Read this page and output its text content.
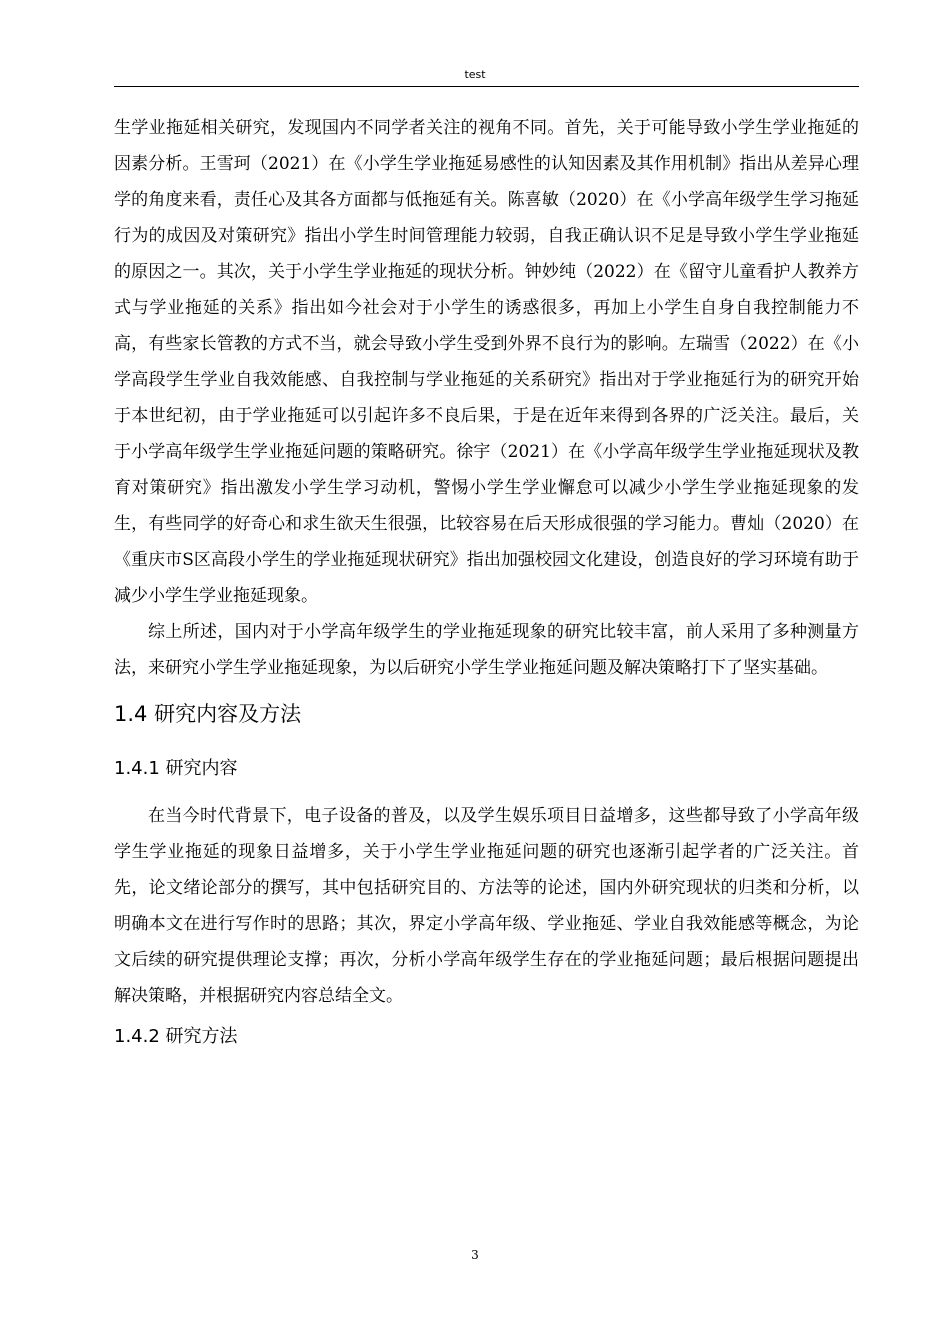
test

生学业拖延相关研究，发现国内不同学者关注的视角不同。首先，关于可能导致小学生学业拖延的因素分析。王雪珂（2021）在《小学生学业拖延易感性的认知因素及其作用机制》指出从差异心理学的角度来看，责任心及其各方面都与低拖延有关。陈喜敏（2020）在《小学高年级学生学习拖延行为的成因及对策研究》指出小学生时间管理能力较弱，自我正确认识不足是导致小学生学业拖延的原因之一。其次，关于小学生学业拖延的现状分析。钟妙纯（2022）在《留守儿童看护人教养方式与学业拖延的关系》指出如今社会对于小学生的诱惑很多，再加上小学生自身自我控制能力不高，有些家长管教的方式不当，就会导致小学生受到外界不良行为的影响。左瑞雪（2022）在《小学高段学生学业自我效能感、自我控制与学业拖延的关系研究》指出对于学业拖延行为的研究开始于本世纪初，由于学业拖延可以引起许多不良后果，于是在近年来得到各界的广泛关注。最后，关于小学高年级学生学业拖延问题的策略研究。徐宇（2021）在《小学高年级学生学业拖延现状及教育对策研究》指出激发小学生学习动机，警惕小学生学业懈怠可以减少小学生学业拖延现象的发生，有些同学的好奇心和求生欲天生很强，比较容易在后天形成很强的学习能力。曹灿（2020）在《重庆市S区高段小学生的学业拖延现状研究》指出加强校园文化建设，创造良好的学习环境有助于减少小学生学业拖延现象。

综上所述，国内对于小学高年级学生的学业拖延现象的研究比较丰富，前人采用了多种测量方法，来研究小学生学业拖延现象，为以后研究小学生学业拖延问题及解决策略打下了坚实基础。

1.4 研究内容及方法
1.4.1 研究内容

在当今时代背景下，电子设备的普及，以及学生娱乐项目日益增多，这些都导致了小学高年级学生学业拖延的现象日益增多，关于小学生学业拖延问题的研究也逐渐引起学者的广泛关注。首先，论文绪论部分的撰写，其中包括研究目的、方法等的论述，国内外研究现状的归类和分析，以明确本文在进行写作时的思路；其次，界定小学高年级、学业拖延、学业自我效能感等概念，为论文后续的研究提供理论支撑；再次，分析小学高年级学生存在的学业拖延问题；最后根据问题提出解决策略，并根据研究内容总结全文。

1.4.2 研究方法
3
